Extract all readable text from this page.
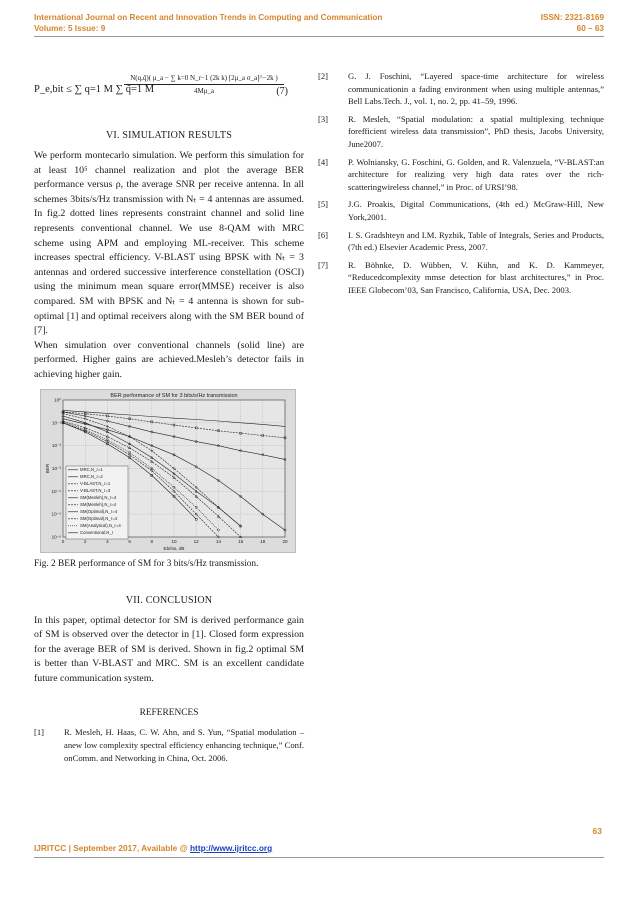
International Journal on Recent and Innovation Trends in Computing and Communication	ISSN: 2321-8169
Volume: 5 Issue: 9	60 – 63
P_e,bit ≤ ∑ q=1 M ∑ q̃=1 M
$\frac{\text{N(q,q̃)( μ\_a − ∑ k=0 N\_r−1 (2k k) [2μ\_a σ\_a]\textasciicircum{}−2k )}}{4M\mu\_a}$
(7)
VI. SIMULATION RESULTS

We perform montecarlo simulation. We perform this simulation for at least 10⁵ channel realization and plot the average BER performance versus ρ, the average SNR per receive antenna. In all schemes 3bits/s/Hz transmission with Nₜ = 4 antennas are assumed. In fig.2 dotted lines represents constraint channel and solid line represents conventional channel. We use 8-QAM with MRC scheme using APM and employing ML-receiver. This scheme increases spectral efficiency. V-BLAST using BPSK with Nₜ = 3 antennas and ordered successive interference constellation (OSCI) using the minimum mean square error(MMSE) receiver is also compared. SM with BPSK and Nₜ = 4 antenna is shown for sub-optimal [1] and optimal receivers along with the SM BER bound of [7].

When simulation over conventional channels (solid line) are performed. Higher gains are achieved.Mesleh’s detector fails in achieving higher gain.

0	2	4	6	8	10	12	14	16	18	20
10⁰
10⁻¹
10⁻²
10⁻³
10⁻⁴
10⁻⁵
10⁻⁶
BER performance of SM for 3 bits/s/Hz transmission
Eb/No, dB
BER	MRC,N_r=1
MRC,N_r=2
V-BLAST,N_r=1
V-BLAST,N_r=3
SM(Mesleh),N_r=4
SM(Mesleh),N_r=4
SM(Optimal),N_r=4
SM(Optimal),N_r=4
SM(Analytical),N_r=4
Conventional,N_r
Fig. 2 BER performance of SM for 3 bits/s/Hz transmission.
VII. CONCLUSION

In this paper, optimal detector for SM is derived performance gain of SM is observed over the detector in [1]. Closed form expression for the average BER of SM is derived. Shown in fig.2 optimal SM is better than V-BLAST and MRC. SM is an excellent candidate future communication system.

REFERENCES
[1]	R. Mesleh, H. Haas, C. W. Ahn, and S. Yun, “Spatial modulation – anew low complexity spectral efficiency enhancing technique,” Conf. onComm. and Networking in China, Oct. 2006.
[2]	G. J. Foschini, “Layered space-time architecture for wireless communicationin a fading environment when using multiple antennas,” Bell Labs.Tech. J., vol. 1, no. 2, pp. 41–59, 1996.
[3]	R. Mesleh, “Spatial modulation: a spatial multiplexing technique forefficient wireless data transmission”, PhD thesis, Jacobs University, June2007.
[4]	P. Wolniansky, G. Foschini, G. Golden, and R. Valenzuela, “V-BLAST:an architecture for realizing very high data rates over the rich-scatteringwireless channel,” in Proc. of URSI’98.
[5]	J.G. Proakis, Digital Communications, (4th ed.) McGraw-Hill, New York,2001.
[6]	I. S. Gradshteyn and I.M. Ryzhik, Table of Integrals, Series and Products,(7th ed.) Elsevier Academic Press, 2007.
[7]	R. Böhnke, D. Wübben, V. Kühn, and K. D. Kammeyer, “Reducedcomplexity mmse detection for blast architectures,” in Proc. IEEE Globecom’03, San Francisco, California, USA, Dec. 2003.
63
IJRITCC | September 2017, Available @ http://www.ijritcc.org
